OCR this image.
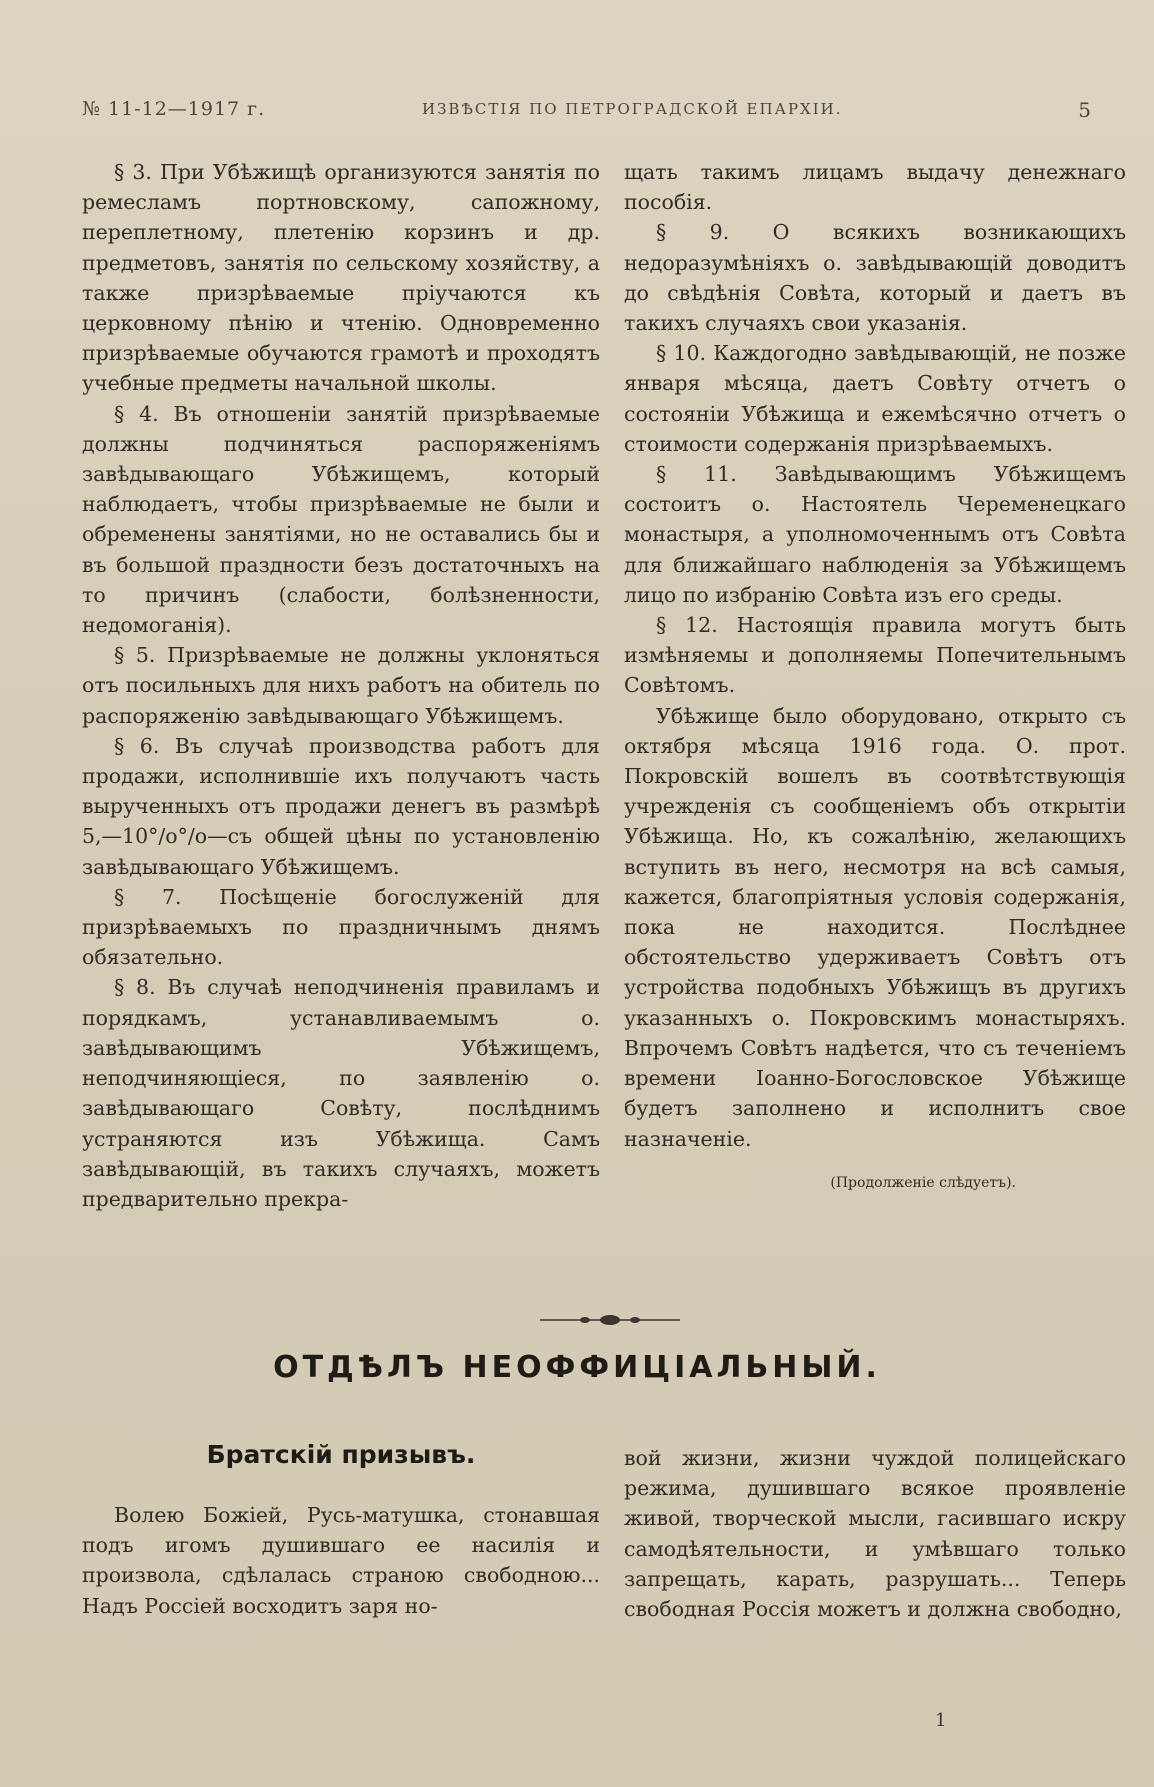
№ 11-12—1917 г.	ИЗВѢСТІЯ ПО ПЕТРОГРАДСКОЙ ЕПАРХІИ.	5

§ 3. При Убѣжищѣ организуются занятія по ремесламъ портновскому, сапожному, переплетному, плетенію корзинъ и др. предметовъ, занятія по сельскому хозяйству, а также призрѣваемые пріучаются къ церковному пѣнію и чтенію. Одновременно призрѣваемые обучаются грамотѣ и проходятъ учебные предметы начальной школы.

§ 4. Въ отношеніи занятій призрѣваемые должны подчиняться распоряженіямъ завѣдывающаго Убѣжищемъ, который наблюдаетъ, чтобы призрѣваемые не были и обременены занятіями, но не оставались бы и въ большой праздности безъ достаточныхъ на то причинъ (слабости, болѣзненности, недомоганія).

§ 5. Призрѣваемые не должны уклоняться отъ посильныхъ для нихъ работъ на обитель по распоряженію завѣдывающаго Убѣжищемъ.

§ 6. Въ случаѣ производства работъ для продажи, исполнившіе ихъ получаютъ часть вырученныхъ отъ продажи денегъ въ размѣрѣ 5,—10°/о°/о—съ общей цѣны по установленію завѣдывающаго Убѣжищемъ.

§ 7. Посѣщеніе богослуженій для призрѣваемыхъ по праздничнымъ днямъ обязательно.

§ 8. Въ случаѣ неподчиненія правиламъ и порядкамъ, устанавливаемымъ о. завѣдывающимъ Убѣжищемъ, неподчиняющіеся, по заявленію о. завѣдывающаго Совѣту, послѣднимъ устраняются изъ Убѣжища. Самъ завѣдывающій, въ такихъ случаяхъ, можетъ предварительно прекра-

щать такимъ лицамъ выдачу денежнаго пособія.

§ 9. О всякихъ возникающихъ недоразумѣніяхъ о. завѣдывающій доводитъ до свѣдѣнія Совѣта, который и даетъ въ такихъ случаяхъ свои указанія.

§ 10. Каждогодно завѣдывающій, не позже января мѣсяца, даетъ Совѣту отчетъ о состояніи Убѣжища и ежемѣсячно отчетъ о стоимости содержанія призрѣваемыхъ.

§ 11. Завѣдывающимъ Убѣжищемъ состоитъ о. Настоятель Череменецкаго монастыря, а уполномоченнымъ отъ Совѣта для ближайшаго наблюденія за Убѣжищемъ лицо по избранію Совѣта изъ его среды.

§ 12. Настоящія правила могутъ быть измѣняемы и дополняемы Попечительнымъ Совѣтомъ.

Убѣжище было оборудовано, открыто съ октября мѣсяца 1916 года. О. прот. Покровскій вошелъ въ соотвѣтствующія учрежденія съ сообщеніемъ объ открытіи Убѣжища. Но, къ сожалѣнію, желающихъ вступить въ него, несмотря на всѣ самыя, кажется, благопріятныя условія содержанія, пока не находится. Послѣднее обстоятельство удерживаетъ Совѣтъ отъ устройства подобныхъ Убѣжищъ въ другихъ указанныхъ о. Покровскимъ монастыряхъ. Впрочемъ Совѣтъ надѣется, что съ теченіемъ времени Іоанно-Богословское Убѣжище будетъ заполнено и исполнитъ свое назначеніе.

(Продолженіе слѣдуетъ).

ОТДѢЛЪ НЕОФФИЦІАЛЬНЫЙ.
Братскій призывъ.

Волею Божіей, Русь-матушка, стонавшая подъ игомъ душившаго ее насилія и произвола, сдѣлалась страною свободною... Надъ Россіей восходитъ заря но-

вой жизни, жизни чуждой полицейскаго режима, душившаго всякое проявленіе живой, творческой мысли, гасившаго искру самодѣятельности, и умѣвшаго только запрещать, карать, разрушать... Теперь свободная Россія можетъ и должна свободно,

1
